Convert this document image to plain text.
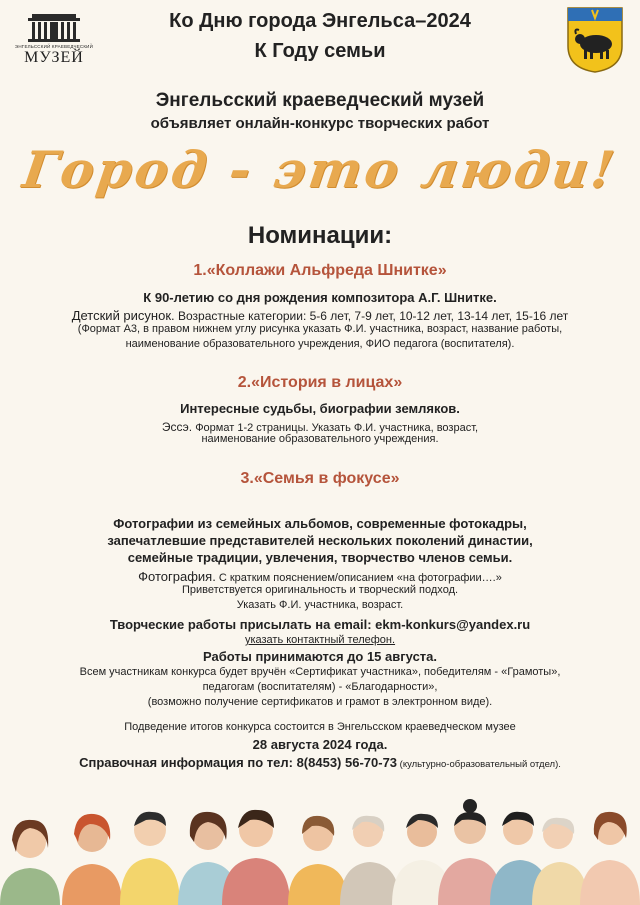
ЭНГЕЛЬССКИЙ КРАЕВЕДЧЕСКИЙ
МУЗЕЙ
Ко Дню города Энгельса–2024
К Году семьи
Энгельсский краеведческий музей
объявляет онлайн-конкурс творческих работ
Город - это люди!
Номинации:
1.«Коллажи Альфреда Шнитке»
К 90-летию со дня рождения композитора А.Г. Шнитке.
Детский рисунок. Возрастные категории: 5-6 лет, 7-9 лет, 10-12 лет, 13-14 лет, 15-16 лет
(Формат А3, в правом нижнем углу рисунка указать Ф.И. участника, возраст, название работы,
наименование образовательного учреждения, ФИО педагога (воспитателя).
2.«История в лицах»
Интересные судьбы, биографии земляков.
Эссэ. Формат 1-2 страницы. Указать Ф.И. участника, возраст,
наименование образовательного учреждения.
3.«Семья в фокусе»
Фотографии из семейных альбомов, современные фотокадры,
запечатлевшие представителей нескольких поколений династии,
семейные традиции, увлечения, творчество членов семьи.
Фотография. С кратким пояснением/описанием «на фотографии….»
Приветствуется оригинальность и творческий подход.
Указать Ф.И. участника, возраст.
Творческие работы присылать на email: ekm-konkurs@yandex.ru
указать контактный телефон.
Работы принимаются до 15 августа.
Всем участникам конкурса будет вручён «Сертификат участника», победителям - «Грамоты»,
педагогам (воспитателям) - «Благодарности»,
(возможно получение сертификатов и грамот в электронном виде).
Подведение итогов конкурса состоится в Энгельсском краеведческом музее
28 августа 2024 года.
Справочная информация по тел: 8(8453) 56-70-73 (культурно-образовательный отдел).
